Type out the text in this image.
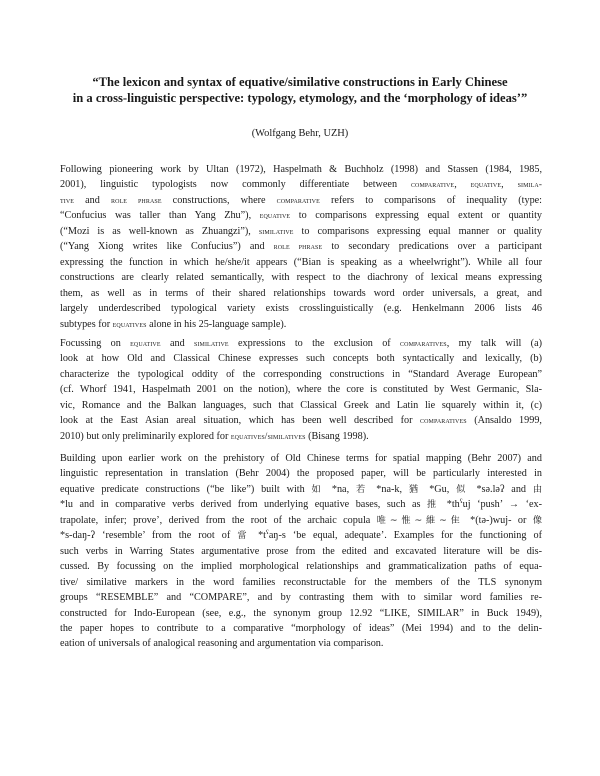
“The lexicon and syntax of equative/similative constructions in Early Chinese
in a cross-linguistic perspective: typology, etymology, and the ‘morphology of ideas’”
(Wolfgang Behr, UZH)

Following pioneering work by Ultan (1972), Haspelmath & Buchholz (1998) and Stassen (1984, 1985,
2001), linguistic typologists now commonly differentiate between comparative, equative, simila-
tive and role phrase constructions, where comparative refers to comparisons of inequality (type:
“Confucius was taller than Yang Zhu”), equative to comparisons expressing equal extent or quantity
(“Mozi is as well-known as Zhuangzi”), similative to comparisons expressing equal manner or quality
(“Yang Xiong writes like Confucius”) and role phrase to secondary predications over a participant
expressing the function in which he/she/it appears (“Bian is speaking as a wheelwright”). While all four
constructions are clearly related semantically, with respect to the diachrony of lexical means expressing
them, as well as in terms of their shared relationships towards word order universals, a great, and
largely underdescribed typological variety exists crosslinguistically (e.g. Henkelmann 2006 lists 46
subtypes for equatives alone in his 25-language sample).

Focussing on equative and similative expressions to the exclusion of comparatives, my talk will (a)
look at how Old and Classical Chinese expresses such concepts both syntactically and lexically, (b)
characterize the typological oddity of the corresponding constructions in “Standard Average European”
(cf. Whorf 1941, Haspelmath 2001 on the notion), where the core is constituted by West Germanic, Sla-
vic, Romance and the Balkan languages, such that Classical Greek and Latin lie squarely within it, (c)
look at the East Asian areal situation, which has been well described for comparatives (Ansaldo 1999,
2010) but only preliminarily explored for equatives/similatives (Bisang 1998).

Building upon earlier work on the prehistory of Old Chinese terms for spatial mapping (Behr 2007) and
linguistic representation in translation (Behr 2004) the proposed paper, will be particularly interested in
equative predicate constructions (“be like”) built with 如 *na, 若 *na-k, 猶 *Gu, 似 *sə.ləʔ and 由
*lu and in comparative verbs derived from underlying equative bases, such as 推 $*th^ʕuj$ ‘push’ → ‘ex-
trapolate, infer; prove’, derived from the root of the archaic copula 唯~惟~維~隹 *(tə-)wuj- or 像
*s-daŋ-ʔ ‘resemble’ from the root of 當 $*t^ʕaŋ-s$ ‘be equal, adequate’. Examples for the functioning of
such verbs in Warring States argumentative prose from the edited and excavated literature will be dis-
cussed. By focussing on the implied morphological relationships and grammaticalization paths of equa-
tive/ similative markers in the word families reconstructable for the members of the TLS synonym
groups “RESEMBLE” and “COMPARE”, and by contrasting them with to similar word families re-
constructed for Indo-European (see, e.g., the synonym group 12.92 “LIKE, SIMILAR” in Buck 1949),
the paper hopes to contribute to a comparative “morphology of ideas” (Mei 1994) and to the delin-
eation of universals of analogical reasoning and argumentation via comparison.
